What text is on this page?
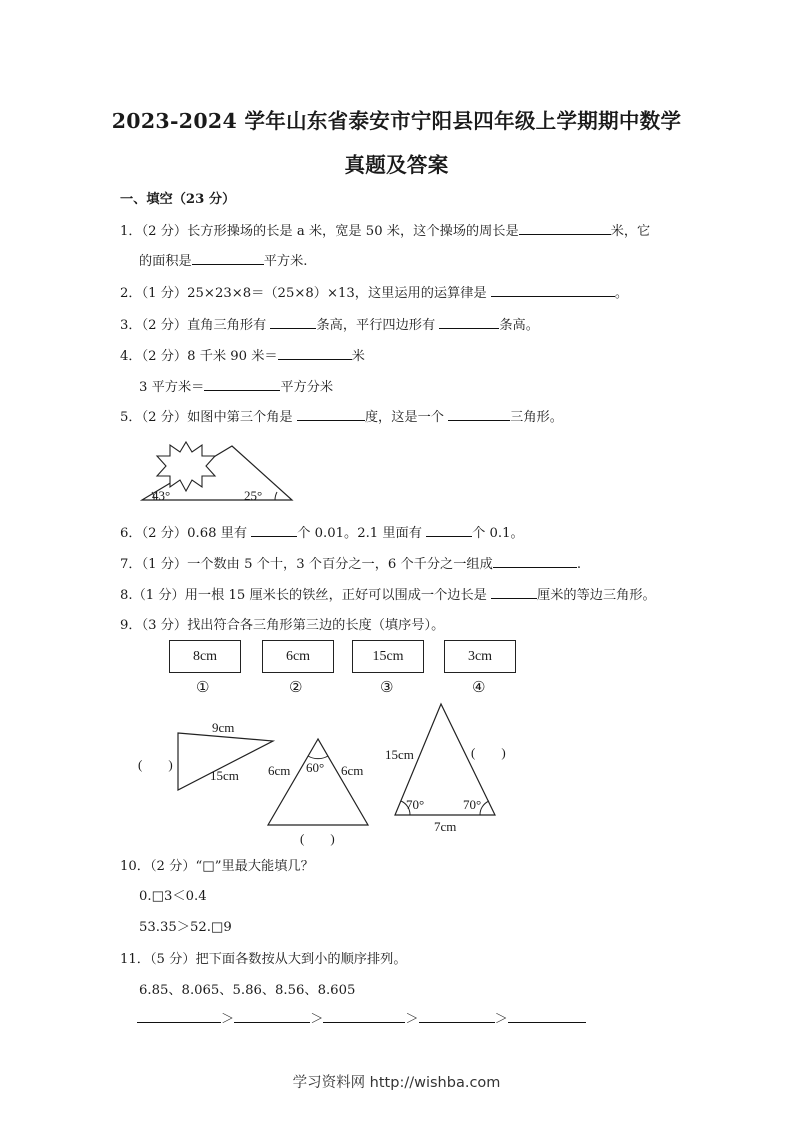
2023-2024 学年山东省泰安市宁阳县四年级上学期期中数学
真题及答案
一、填空（23 分）
1．（2 分）长方形操场的长是 a 米，宽是 50 米，这个操场的周长是	米，它
的面积是	平方米.
2．（1 分）25×23×8＝（25×8）×13，这里运用的运算律是	。
3．（2 分）直角三角形有	条高，平行四边形有	条高。
4．（2 分）8 千米 90 米＝	米
3 平方米＝	平方分米
5．（2 分）如图中第三个角是	度，这是一个	三角形。
43°	25°
6．（2 分）0.68 里有	个 0.01。2.1 里面有	个 0.1。
7．（1 分）一个数由 5 个十，3 个百分之一，6 个千分之一组成	.
8.（1 分）用一根 15 厘米长的铁丝，正好可以围成一个边长是	厘米的等边三角形。
9．（3 分）找出符合各三角形第三边的长度（填序号）。
8cm	6cm	15cm	3cm
①	②	③	④
(　　)
9cm
15cm 6cm	6cm
60°
(　　)
15cm	(　　)
70°	70°
7cm
10．（2 分）“□”里最大能填几？
0.□3＜0.4
53.35＞52.□9
11．（5 分）把下面各数按从大到小的顺序排列。
6.85、8.065、5.86、8.56、8.605
＞	＞	＞	＞
学习资料网 http://wishba.com
